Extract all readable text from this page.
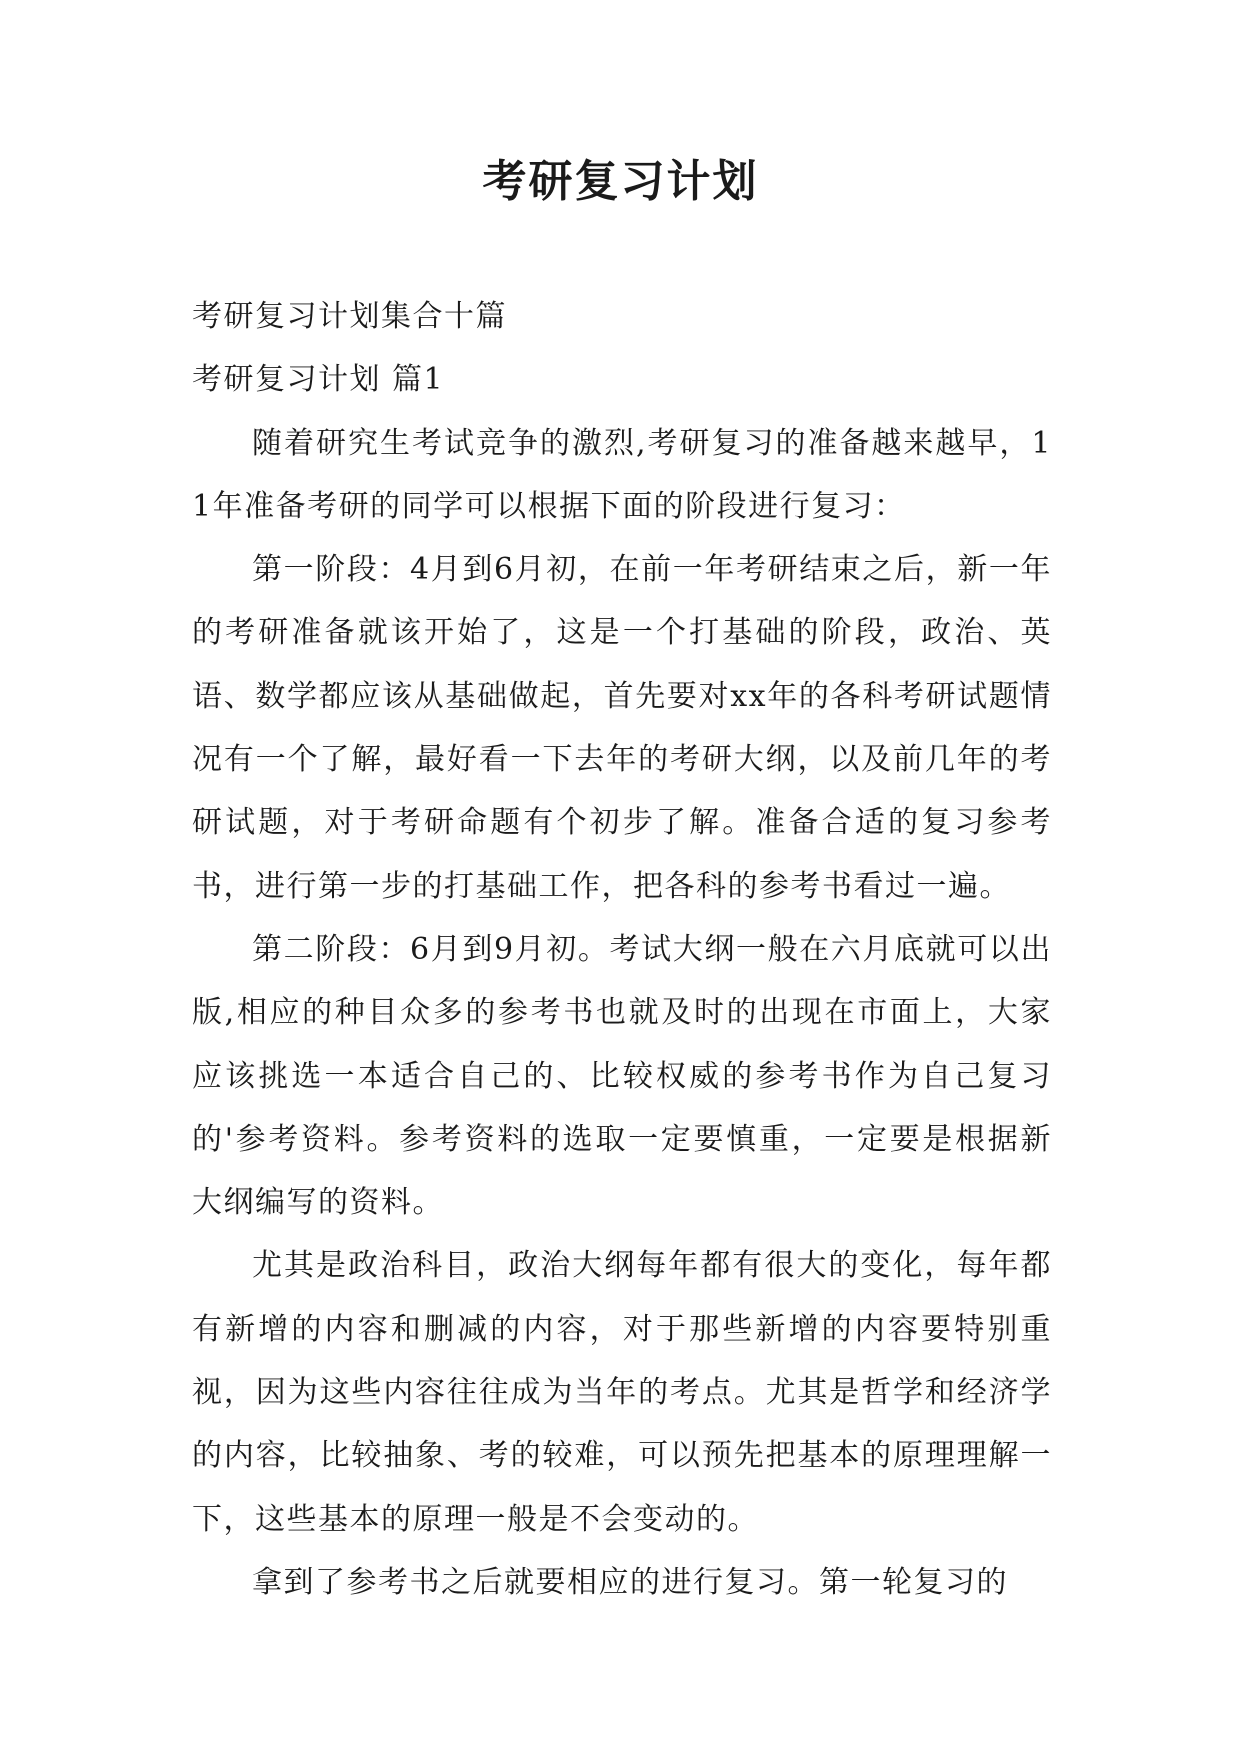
考研复习计划

考研复习计划集合十篇

考研复习计划 篇1

随着研究生考试竞争的激烈,考研复习的准备越来越早，11年准备考研的同学可以根据下面的阶段进行复习：

第一阶段：4月到6月初，在前一年考研结束之后，新一年的考研准备就该开始了，这是一个打基础的阶段，政治、英语、数学都应该从基础做起，首先要对xx年的各科考研试题情况有一个了解，最好看一下去年的考研大纲，以及前几年的考研试题，对于考研命题有个初步了解。准备合适的复习参考书，进行第一步的打基础工作，把各科的参考书看过一遍。

第二阶段：6月到9月初。考试大纲一般在六月底就可以出版,相应的种目众多的参考书也就及时的出现在市面上，大家应该挑选一本适合自己的、比较权威的参考书作为自己复习的'参考资料。参考资料的选取一定要慎重，一定要是根据新大纲编写的资料。

尤其是政治科目，政治大纲每年都有很大的变化，每年都有新增的内容和删减的内容，对于那些新增的内容要特别重视，因为这些内容往往成为当年的考点。尤其是哲学和经济学的内容，比较抽象、考的较难，可以预先把基本的原理理解一下，这些基本的原理一般是不会变动的。

拿到了参考书之后就要相应的进行复习。第一轮复习的
